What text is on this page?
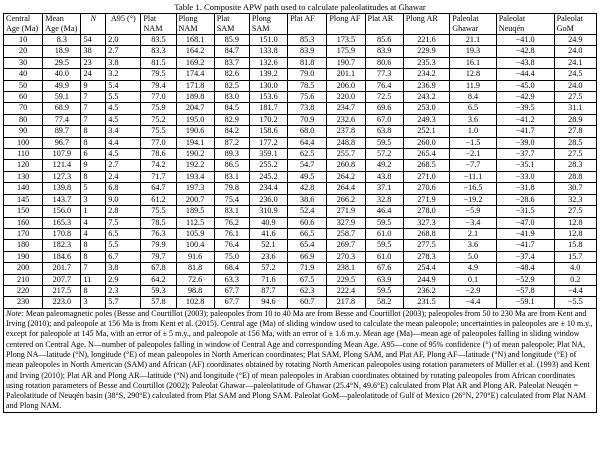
Table 1. Composite APW path used to calculate paleolatitudes at Ghawar
Central Age (Ma)	Mean Age (Ma)	N	A95 (°)	Plat NAM	Plong NAM	Plat SAM	Plong SAM	Plat AF	Plong AF	Plat AR	Plong AR	Paleolat Ghawar	Paleolat Neuqén	Paleolat GoM
10	8.3	54	2.0	83.5	168.1	85.9	151.0	85.3	173.5	85.6	221.6	21.1	−41.0	24.9
20	18.9	38	2.7	83.3	164.2	84.7	133.8	83.9	175.9	83.9	229.9	19.3	−42.8	24.0
30	29.5	23	3.8	81.5	169.2	83.7	132.6	81.8	190.7	80.6	235.3	16.1	−43.8	24.1
40	40.0	24	3.2	79.5	174.4	82.6	139.2	79.0	201.1	77.3	234.2	12.8	−44.4	24.5
50	49.9	9	5.4	79.4	171.8	82.5	130.0	78.5	206.0	76.4	236.9	11.9	−45.0	24.0
60	59.1	7	5.5	77.0	189.8	83.0	153.6	75.6	220.0	72.5	243.2	8.4	−42.9	27.5
70	68.9	7	4.5	75.9	204.7	84.5	181.7	73.8	234.7	69.6	253.0	6.5	−39.5	31.1
80	77.4	7	4.5	75.2	195.0	82.9	170.2	70.9	232.6	67.0	249.3	3.6	−41.2	28.9
90	89.7	8	3.4	75.5	190.6	84.2	158.6	68.0	237.8	63.8	252.1	1.0	−41.7	27.8
100	96.7	8	4.4	77.0	194.1	87.2	177.2	64.4	248.8	59.5	260.0	−1.5	−39.0	28.5
110	107.9	6	4.5	78.6	190.2	89.3	359.1	62.5	255.7	57.2	265.4	−2.1	−37.7	27.5
120	121.4	9	2.7	74.2	192.2	86.5	255.2	54.7	260.8	49.2	268.5	−7.7	−35.1	28.3
130	127.3	8	2.4	71.7	193.4	83.1	245.2	49.5	264.2	43.8	271.0	−11.1	−33.0	28.8
140	139.8	5	6.8	64.7	197.3	79.8	234.4	42.8	264.4	37.1	270.6	−16.5	−31.8	30.7
145	143.7	3	9.0	61.2	200.7	75.4	236.0	38.6	266.2	32.8	271.9	−19.2	−28.6	32.3
150	156.0	1	2.8	75.5	189.5	83.1	310.9	52.4	271.9	46.4	278.0	−5.9	−31.5	27.5
160	165.3	4	7.5	78.5	112.5	76.2	40.9	60.6	327.9	59.5	327.3	−3.4	−47.0	12.8
170	170.8	4	6.5	76.3	105.9	76.1	41.6	66.5	258.7	61.0	268.8	2.1	−41.9	12.8
180	182.3	8	5.5	79.9	100.4	76.4	52.1	65.4	269.7	59.5	277.5	3.6	−41.7	15.8
190	184.6	8	6.7	79.7	91.6	75.0	23.6	66.9	270.3	61.0	278.3	5.0	−37.4	15.7
200	201.7	7	3.8	67.8	81.8	68.4	57.2	71.9	238.1	67.6	254.4	4.9	−48.4	4.0
210	207.7	11	2.9	64.2	72.6	63.3	71.6	67.5	229.5	63.9	244.9	0.1	−52.9	0.2
220	217.5	8	2.3	59.3	98.8	67.7	87.7	62.3	222.4	59.5	236.2	−2.9	−57.8	−4.4
230	223.0	3	5.7	57.8	102.8	67.7	94.6	60.7	217.8	58.2	231.5	−4.4	−59.1	−5.5
Note: Mean paleomagnetic poles (Besse and Courtillot (2003); paleopoles from 10 to 40 Ma are from Besse and Courtillot (2003); paleopoles from 50 to 230 Ma are from Kent and Irving (2010); and paleopole at 156 Ma is from Kent et al. (2015). Central age (Ma) of sliding window used to calculate the mean paleopole; uncertainties in paleopoles are ± 10 m.y., except for paleopole at 145 Ma, with an error of ± 5 m.y., and paleopole at 156 Ma, with an error of ± 1.6 m.y. Mean age (Ma)—mean age of paleopoles falling in sliding window centered on Central Age. N—number of paleopoles falling in window of Central Age and corresponding Mean Age. A95—cone of 95% confidence (°) of mean paleopole; Plat NA, Plong NA—latitude (°N), longitude (°E) of mean paleopoles in North American coordinates; Plat SAM, Plong SAM, and Plat AF, Plong AF—latitude (°N) and longitude (°E) of mean paleopoles in North American (SAM) and African (AF) coordinates obtained by rotating North American paleopoles using rotation parameters of Müller et al. (1993) and Kent and Irving (2010); Plat AR and Plong AR—latitude (°N) and longitude (°E) of mean paleopoles in Arabian coordinates obtained by rotating paleopoles from African coordinates using rotation parameters of Besse and Courtillot (2002); Paleolat Ghawar—paleolatitude of Ghawar (25.4°N, 49.6°E) calculated from Plat AR and Plong AR. Paleolat Neuqén = Paleolatitude of Neuqén basin (38°S, 290°E) calculated from Plat SAM and Plong SAM. Paleolat GoM—paleolatitude of Gulf of Mexico (26°N, 270°E) calculated from Plat NAM and Plong NAM.														
